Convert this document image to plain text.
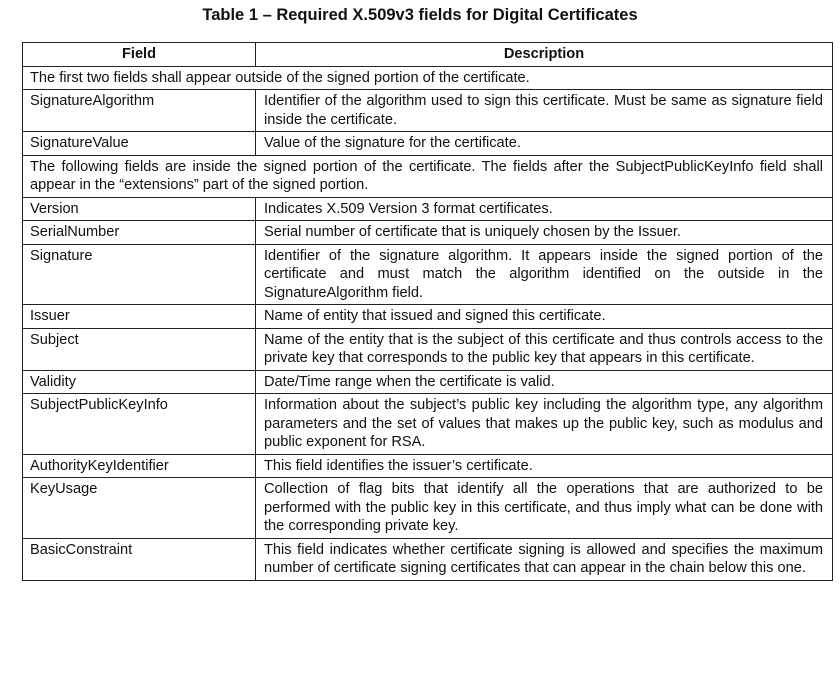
Table 1 – Required X.509v3 fields for Digital Certificates
Field	Description
The first two fields shall appear outside of the signed portion of the certificate.	
SignatureAlgorithm	Identifier of the algorithm used to sign this certificate. Must be same as signature field inside the certificate.
SignatureValue	Value of the signature for the certificate.
The following fields are inside the signed portion of the certificate. The fields after the SubjectPublicKeyInfo field shall appear in the “extensions” part of the signed portion.	
Version	Indicates X.509 Version 3 format certificates.
SerialNumber	Serial number of certificate that is uniquely chosen by the Issuer.
Signature	Identifier of the signature algorithm. It appears inside the signed portion of the certificate and must match the algorithm identified on the outside in the SignatureAlgorithm field.
Issuer	Name of entity that issued and signed this certificate.
Subject	Name of the entity that is the subject of this certificate and thus controls access to the private key that corresponds to the public key that appears in this certificate.
Validity	Date/Time range when the certificate is valid.
SubjectPublicKeyInfo	Information about the subject’s public key including the algorithm type, any algorithm parameters and the set of values that makes up the public key, such as modulus and public exponent for RSA.
AuthorityKeyIdentifier	This field identifies the issuer’s certificate.
KeyUsage	Collection of flag bits that identify all the operations that are authorized to be performed with the public key in this certificate, and thus imply what can be done with the corresponding private key.
BasicConstraint	This field indicates whether certificate signing is allowed and specifies the maximum number of certificate signing certificates that can appear in the chain below this one.
